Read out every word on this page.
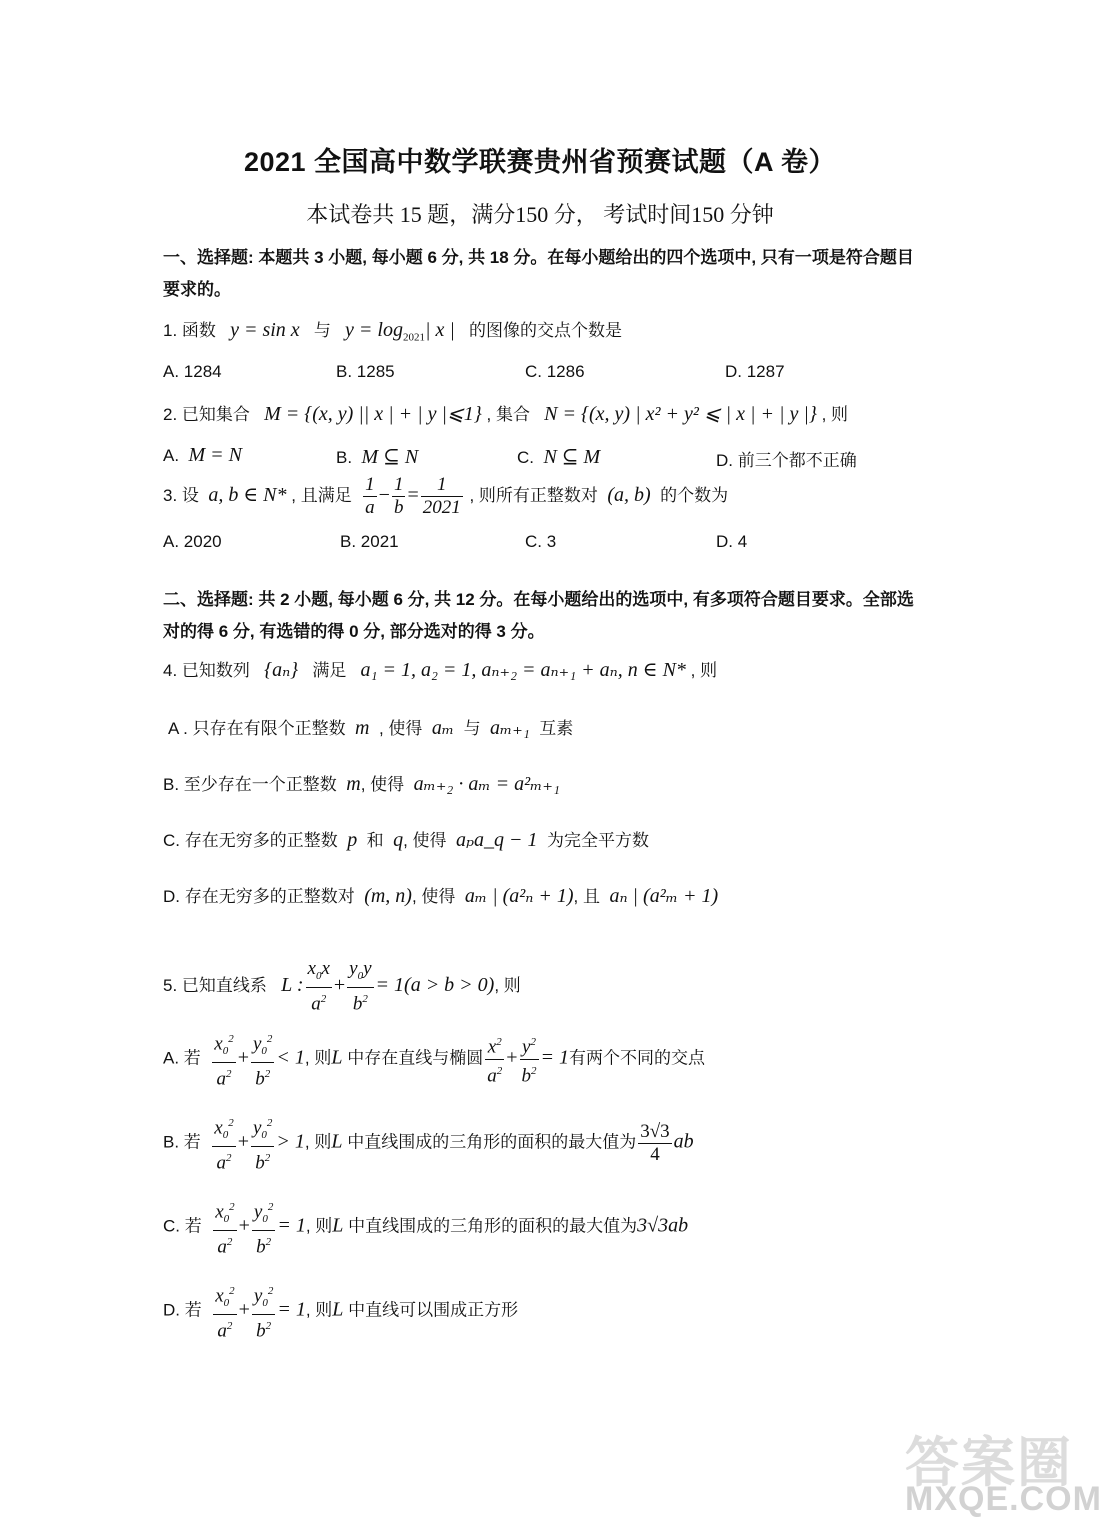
2021 全国高中数学联赛贵州省预赛试题（A 卷）
本试卷共 15 题，满分150 分， 考试时间150 分钟
一、选择题: 本题共 3 小题, 每小题 6 分, 共 18 分。在每小题给出的四个选项中, 只有一项是符合题目 要求的。
1. 函数 y = sin x 与 $y = \log_{2021}|$ x | 的图像的交点个数是
A. 1284	B. 1285	C. 1286	D. 1287
2. 已知集合 M = {(x, y) || x | + | y |⩽1} , 集合 N = {(x, y) | x² + y² ⩽ | x | + | y |} , 则
A. M = N	B. M ⊆ N	C. N ⊆ M	D. 前三个都不正确
3. 设 a, b ∈ N* , 且满足 $\frac{1}{a} - \frac{1}{b} = \frac{1}{2021}$ , 则所有正整数对 (a, b) 的个数为
A. 2020	B. 2021	C. 3	D. 4
二、选择题: 共 2 小题, 每小题 6 分, 共 12 分。在每小题给出的选项中, 有多项符合题目要求。全部选对的得 6 分, 有选错的得 0 分, 部分选对的得 3 分。
4. 已知数列 {aₙ} 满足 a₁ = 1, a₂ = 1, aₙ₊₂ = aₙ₊₁ + aₙ, n ∈ N* , 则
A . 只存在有限个正整数 m , 使得 aₘ 与 aₘ₊₁ 互素
B. 至少存在一个正整数 m, 使得 aₘ₊₂ · aₘ = a²ₘ₊₁
C. 存在无穷多的正整数 p 和 q, 使得 aₚa_q − 1 为完全平方数
D. 存在无穷多的正整数对 (m, n), 使得 aₘ | (a²ₙ + 1), 且 aₙ | (a²ₘ + 1)
5. 已知直线系 L : $\frac{x_0x}{a^2} + \frac{y_0y}{b^2} = 1(a > b > 0)$, 则
A. 若 $\frac{x_0^2}{a^2} + \frac{y_0^2}{b^2} < 1$, 则L 中存在直线与椭圆 $\frac{x^2}{a^2} + \frac{y^2}{b^2} = 1$有两个不同的交点
B. 若 $\frac{x_0^2}{a^2} + \frac{y_0^2}{b^2} > 1$, 则L 中直线围成的三角形的面积的最大值为 $\frac{3√3}{4}$ ab
C. 若 $\frac{x_0^2}{a^2} + \frac{y_0^2}{b^2} = 1$, 则L 中直线围成的三角形的面积的最大值为3√3ab
D. 若 $\frac{x_0^2}{a^2} + \frac{y_0^2}{b^2} = 1$, 则L 中直线可以围成正方形
答案圈
MXQE.COM
